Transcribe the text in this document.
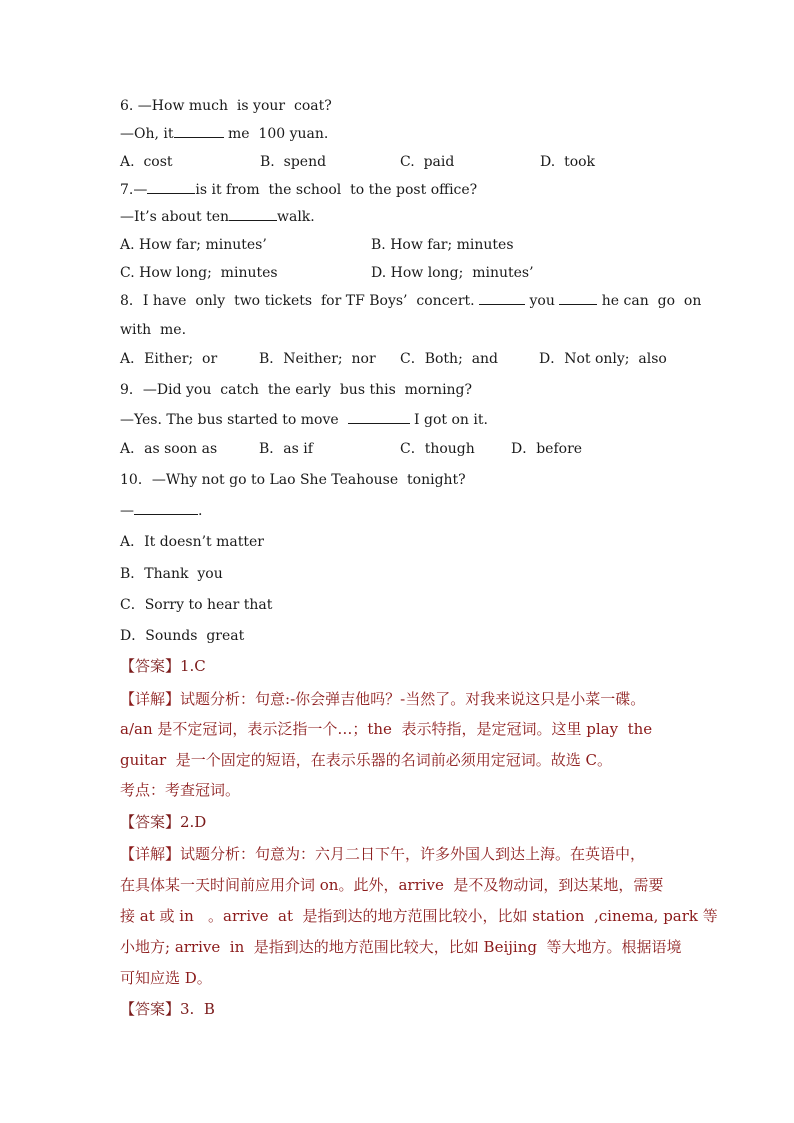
6. —How much  is your  coat?
—Oh, it	me  100 yuan.
A.  cost	B.  spend	C.  paid	D.  took
7.—	is it from  the school  to the post office?
—It’s about ten	walk.
A. How far; minutes’	B. How far; minutes
C. How long;  minutes	D. How long;  minutes’
8．I have  only  two tickets  for TF Boys’  concert.	you	he can  go  on
with  me.
A．Either;  or	B．Neither;  nor C．Both;  and	D．Not only;  also
9．—Did you  catch  the early  bus this  morning?
—Yes. The bus started to move	I got on it.
A．as soon as	B．as if	C．though	D．before
10．—Why not go to Lao She Teahouse  tonight?
—	.
A．It doesn’t matter
B．Thank  you
C．Sorry to hear that
D．Sounds  great
【答案】1.C
【详解】试题分析：句意:-你会弹吉他吗？-当然了。对我来说这只是小菜一碟。
a/an 是不定冠词，表示泛指一个…；the  表示特指，是定冠词。这里 play  the
guitar  是一个固定的短语，在表示乐器的名词前必须用定冠词。故选 C。
考点：考查冠词。
【答案】2.D
【详解】试题分析：句意为：六月二日下午，许多外国人到达上海。在英语中，
在具体某一天时间前应用介词 on。此外，arrive  是不及物动词，到达某地，需要
接 at 或 in   。arrive  at  是指到达的地方范围比较小，比如 station  ,cinema, park 等
小地方; arrive  in  是指到达的地方范围比较大，比如 Beijing  等大地方。根据语境
可知应选 D。
【答案】3.  B
